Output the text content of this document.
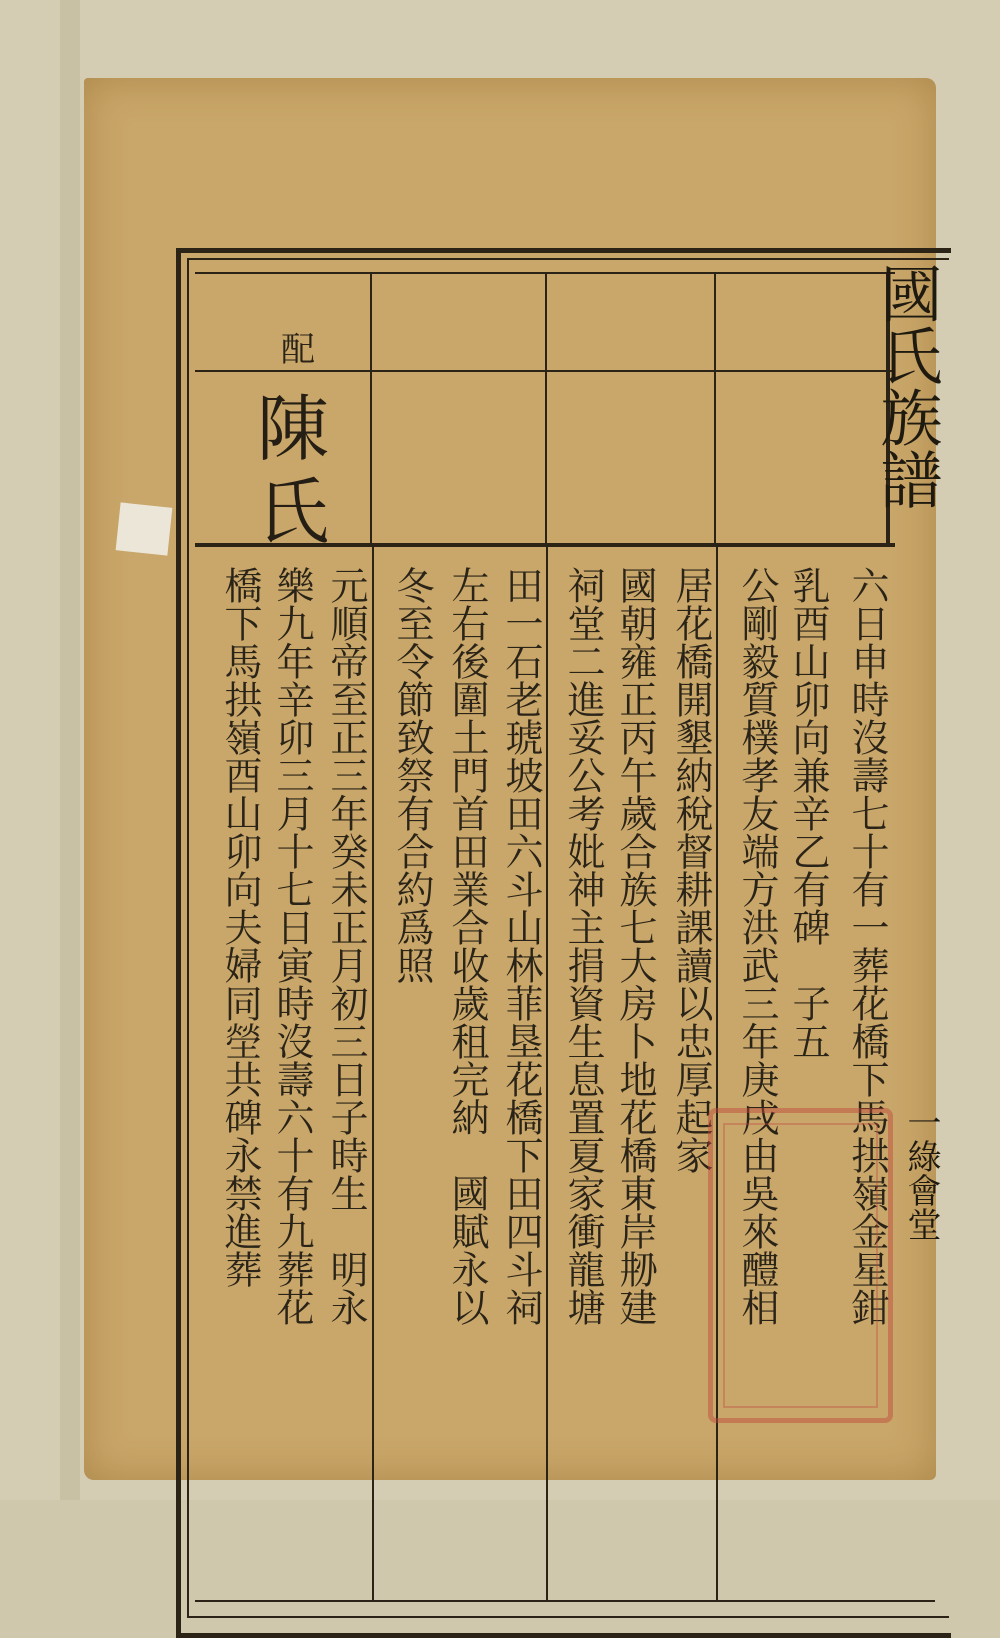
配
陳氏
國氏族譜
一綠會堂
六日申時沒壽七十有一葬花橋下馬拱嶺金星鉗
乳酉山卯向兼辛乙有碑　子五
公剛毅質樸孝友端方洪武三年庚戌由吳來醴相
居花橋開墾納稅督耕課讀以忠厚起家
國朝雍正丙午歲合族七大房卜地花橋東岸刱建
祠堂二進妥公考妣神主捐資生息置夏家衝龍塘
田一石老琥坡田六斗山林菲垦花橋下田四斗祠
左右後圍土門首田業合收歲租完納　國賦永以
冬至令節致祭有合約爲照
元順帝至正三年癸未正月初三日子時生　明永
樂九年辛卯三月十七日寅時沒壽六十有九葬花
橋下馬拱嶺酉山卯向夫婦同塋共碑永禁進葬
